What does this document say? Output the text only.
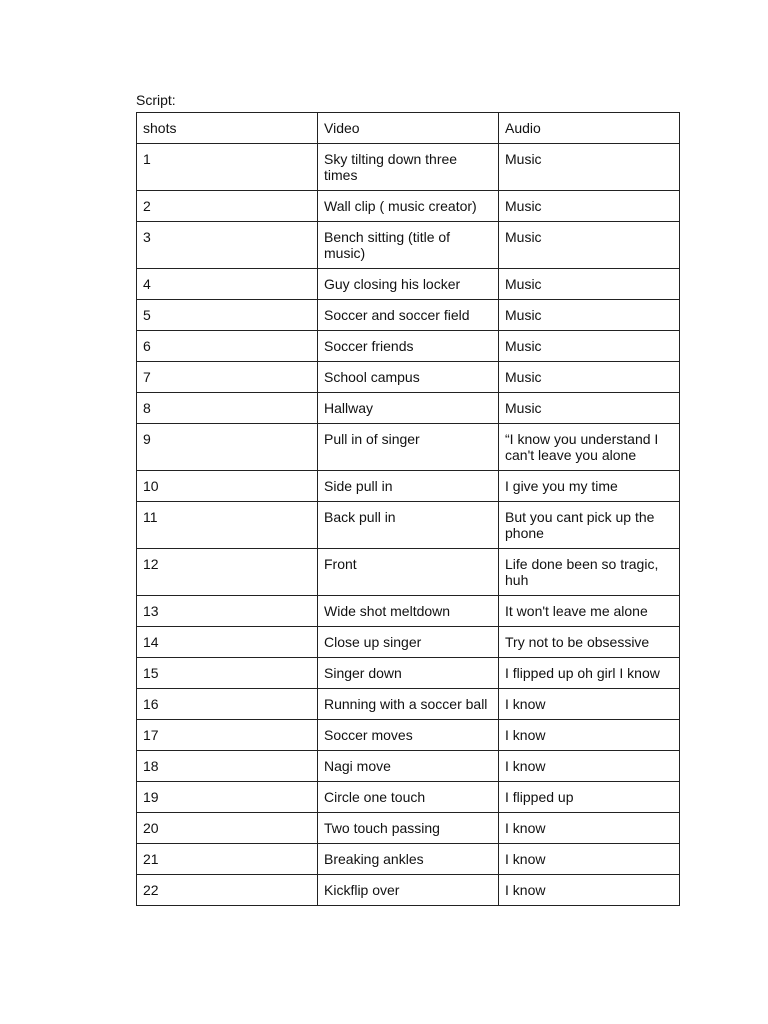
Script:
shots	Video	Audio
1	Sky tilting down three times	Music
2	Wall clip ( music creator)	Music
3	Bench sitting (title of music)	Music
4	Guy closing his locker	Music
5	Soccer and soccer field	Music
6	Soccer friends	Music
7	School campus	Music
8	Hallway	Music
9	Pull in of singer	“I know you understand I can't leave you alone
10	Side pull in	I give you my time
11	Back pull in	But you cant pick up the phone
12	Front	Life done been so tragic, huh
13	Wide shot meltdown	It won't leave me alone
14	Close up singer	Try not to be obsessive
15	Singer down	I flipped up oh girl I know
16	Running with a soccer ball	I know
17	Soccer moves	I know
18	Nagi move	I know
19	Circle one touch	I flipped up
20	Two touch passing	I know
21	Breaking ankles	I know
22	Kickflip over	I know
